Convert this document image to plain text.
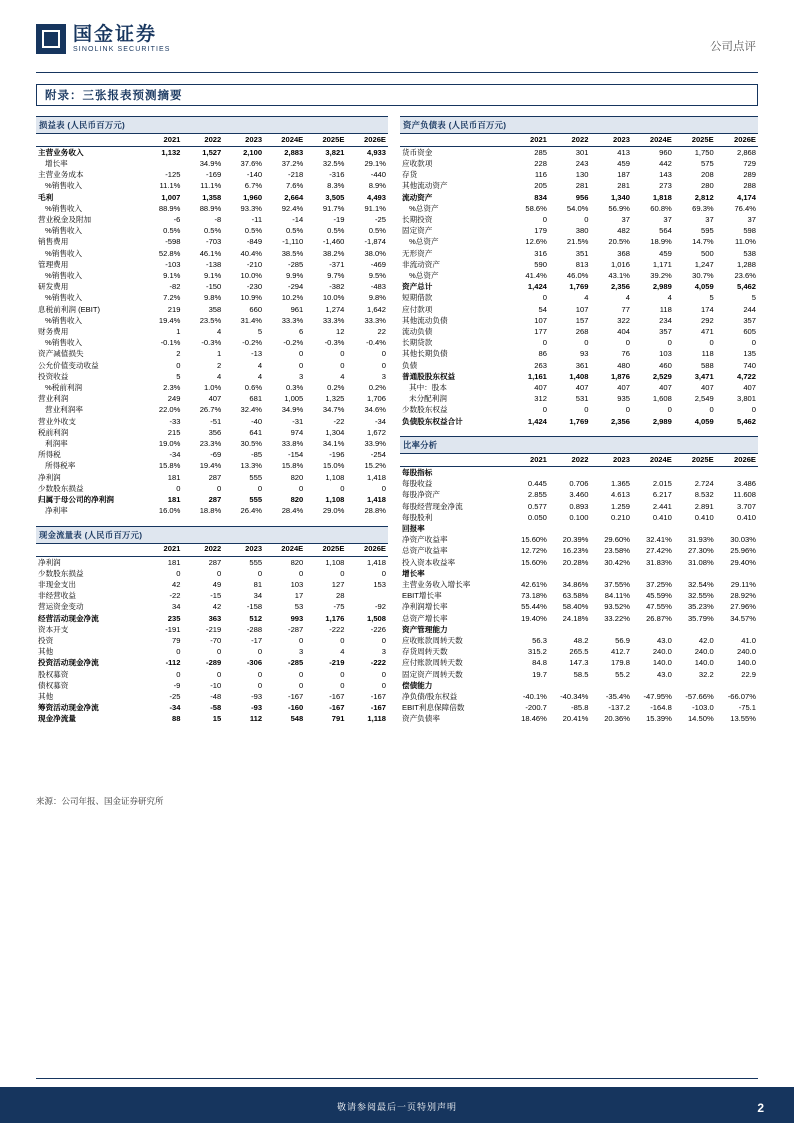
国金证券
SINOLINK SECURITIES	公司点评
附录：三张报表预测摘要
损益表 (人民币百万元)
	2021	2022	2023	2024E	2025E	2026E
主营业务收入	1,132	1,527	2,100	2,883	3,821	4,933
增长率		34.9%	37.6%	37.2%	32.5%	29.1%
主营业务成本	-125	-169	-140	-218	-316	-440
%销售收入	11.1%	11.1%	6.7%	7.6%	8.3%	8.9%
毛利	1,007	1,358	1,960	2,664	3,505	4,493
%销售收入	88.9%	88.9%	93.3%	92.4%	91.7%	91.1%
营业税金及附加	-6	-8	-11	-14	-19	-25
%销售收入	0.5%	0.5%	0.5%	0.5%	0.5%	0.5%
销售费用	-598	-703	-849	-1,110	-1,460	-1,874
%销售收入	52.8%	46.1%	40.4%	38.5%	38.2%	38.0%
管理费用	-103	-138	-210	-285	-371	-469
%销售收入	9.1%	9.1%	10.0%	9.9%	9.7%	9.5%
研发费用	-82	-150	-230	-294	-382	-483
%销售收入	7.2%	9.8%	10.9%	10.2%	10.0%	9.8%
息税前利润 (EBIT)	219	358	660	961	1,274	1,642
%销售收入	19.4%	23.5%	31.4%	33.3%	33.3%	33.3%
财务费用	1	4	5	6	12	22
%销售收入	-0.1%	-0.3%	-0.2%	-0.2%	-0.3%	-0.4%
资产减值损失	2	1	-13	0	0	0
公允价值变动收益	0	2	4	0	0	0
投资收益	5	4	4	3	4	3
%税前利润	2.3%	1.0%	0.6%	0.3%	0.2%	0.2%
营业利润	249	407	681	1,005	1,325	1,706
营业利润率	22.0%	26.7%	32.4%	34.9%	34.7%	34.6%
营业外收支	-33	-51	-40	-31	-22	-34
税前利润	215	356	641	974	1,304	1,672
利润率	19.0%	23.3%	30.5%	33.8%	34.1%	33.9%
所得税	-34	-69	-85	-154	-196	-254
所得税率	15.8%	19.4%	13.3%	15.8%	15.0%	15.2%
净利润	181	287	555	820	1,108	1,418
少数股东损益	0	0	0	0	0	0
归属于母公司的净利润	181	287	555	820	1,108	1,418
净利率	16.0%	18.8%	26.4%	28.4%	29.0%	28.8%
现金流量表 (人民币百万元)
	2021	2022	2023	2024E	2025E	2026E
净利润	181	287	555	820	1,108	1,418
少数股东损益	0	0	0	0	0	0
非现金支出	42	49	81	103	127	153
非经营收益	-22	-15	34	17	28	
营运资金变动	34	42	-158	53	-75	-92
经营活动现金净流	235	363	512	993	1,176	1,508
资本开支	-191	-219	-288	-287	-222	-226
投资	79	-70	-17	0	0	0
其他	0	0	0	3	4	3
投资活动现金净流	-112	-289	-306	-285	-219	-222
股权募资	0	0	0	0	0	0
债权募资	-9	-10	0	0	0	0
其他	-25	-48	-93	-167	-167	-167
筹资活动现金净流	-34	-58	-93	-160	-167	-167
现金净流量	88	15	112	548	791	1,118
资产负债表 (人民币百万元)
	2021	2022	2023	2024E	2025E	2026E
货币资金	285	301	413	960	1,750	2,868
应收款项	228	243	459	442	575	729
存货	116	130	187	143	208	289
其他流动资产	205	281	281	273	280	288
流动资产	834	956	1,340	1,818	2,812	4,174
%总资产	58.6%	54.0%	56.9%	60.8%	69.3%	76.4%
长期投资	0	0	37	37	37	37
固定资产	179	380	482	564	595	598
%总资产	12.6%	21.5%	20.5%	18.9%	14.7%	11.0%
无形资产	316	351	368	459	500	538
非流动资产	590	813	1,016	1,171	1,247	1,288
%总资产	41.4%	46.0%	43.1%	39.2%	30.7%	23.6%
资产总计	1,424	1,769	2,356	2,989	4,059	5,462
短期借款	0	4	4	4	5	5
应付款项	54	107	77	118	174	244
其他流动负债	107	157	322	234	292	357
流动负债	177	268	404	357	471	605
长期贷款	0	0	0	0	0	0
其他长期负债	86	93	76	103	118	135
负债	263	361	480	460	588	740
普通股股东权益	1,161	1,408	1,876	2,529	3,471	4,722
其中：股本	407	407	407	407	407	407
未分配利润	312	531	935	1,608	2,549	3,801
少数股东权益	0	0	0	0	0	0
负债股东权益合计	1,424	1,769	2,356	2,989	4,059	5,462
比率分析
	2021	2022	2023	2024E	2025E	2026E
每股指标						
每股收益	0.445	0.706	1.365	2.015	2.724	3.486
每股净资产	2.855	3.460	4.613	6.217	8.532	11.608
每股经营现金净流	0.577	0.893	1.259	2.441	2.891	3.707
每股股利	0.050	0.100	0.210	0.410	0.410	0.410
回报率						
净资产收益率	15.60%	20.39%	29.60%	32.41%	31.93%	30.03%
总资产收益率	12.72%	16.23%	23.58%	27.42%	27.30%	25.96%
投入资本收益率	15.60%	20.28%	30.42%	31.83%	31.08%	29.40%
增长率						
主营业务收入增长率	42.61%	34.86%	37.55%	37.25%	32.54%	29.11%
EBIT增长率	73.18%	63.58%	84.11%	45.59%	32.55%	28.92%
净利润增长率	55.44%	58.40%	93.52%	47.55%	35.23%	27.96%
总资产增长率	19.40%	24.18%	33.22%	26.87%	35.79%	34.57%
资产管理能力						
应收账款周转天数	56.3	48.2	56.9	43.0	42.0	41.0
存货周转天数	315.2	265.5	412.7	240.0	240.0	240.0
应付账款周转天数	84.8	147.3	179.8	140.0	140.0	140.0
固定资产周转天数	19.7	58.5	55.2	43.0	32.2	22.9
偿债能力						
净负债/股东权益	-40.1%	-40.34%	-35.4%	-47.95%	-57.66%	-66.07%
EBIT利息保障倍数	-200.7	-85.8	-137.2	-164.8	-103.0	-75.1
资产负债率	18.46%	20.41%	20.36%	15.39%	14.50%	13.55%
来源：公司年报、国金证券研究所
敬请参阅最后一页特别声明	2
